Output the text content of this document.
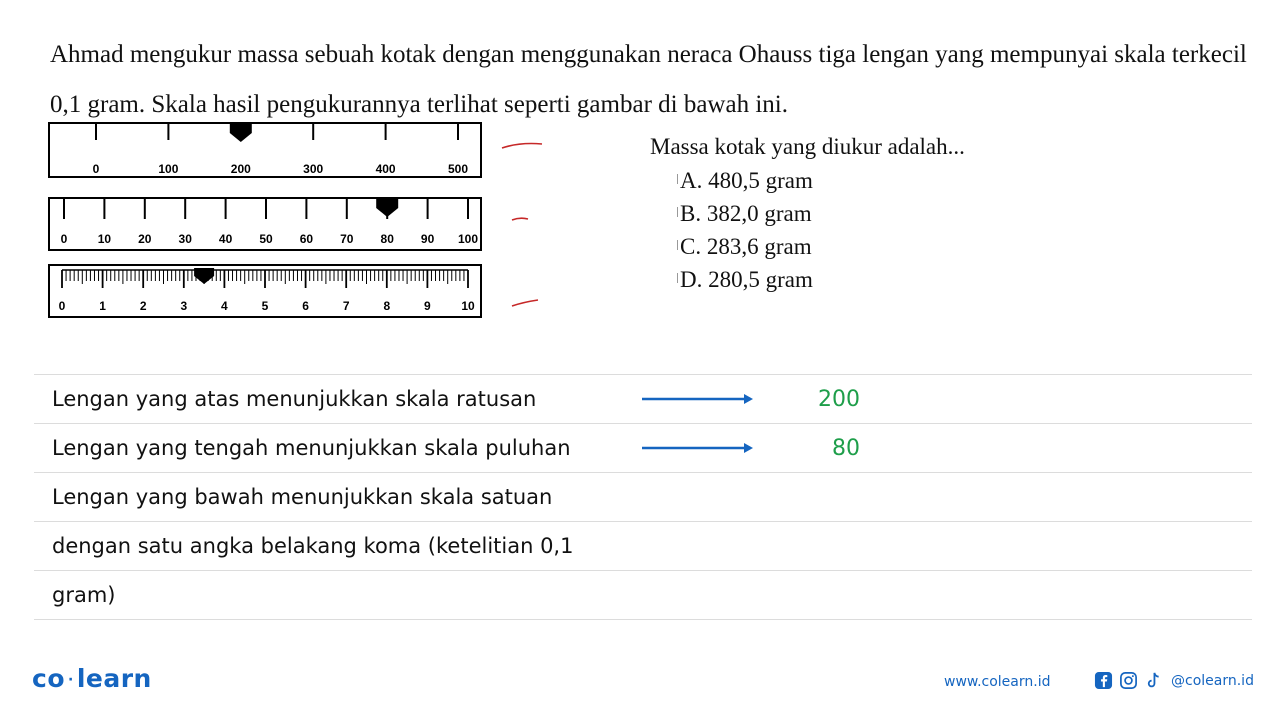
Ahmad mengukur massa sebuah kotak dengan menggunakan neraca Ohauss tiga lengan yang mempunyai skala terkecil 0,1 gram. Skala hasil pengukurannya terlihat seperti gambar di bawah ini.
0	100	200	300	400	500
0	10 20 30 40 50 60 70 80 90 100
0	1	2	3	4	5	6	7	8	9	10
Massa kotak yang diukur adalah...
A. 480,5 gram
B. 382,0 gram
C. 283,6 gram
D. 280,5 gram
Lengan yang atas menunjukkan skala ratusan	200
Lengan yang tengah menunjukkan skala puluhan	80
Lengan yang bawah menunjukkan skala satuan
dengan satu angka belakang koma (ketelitian 0,1
gram)
co · learn	www.colearn.id	@colearn.id
